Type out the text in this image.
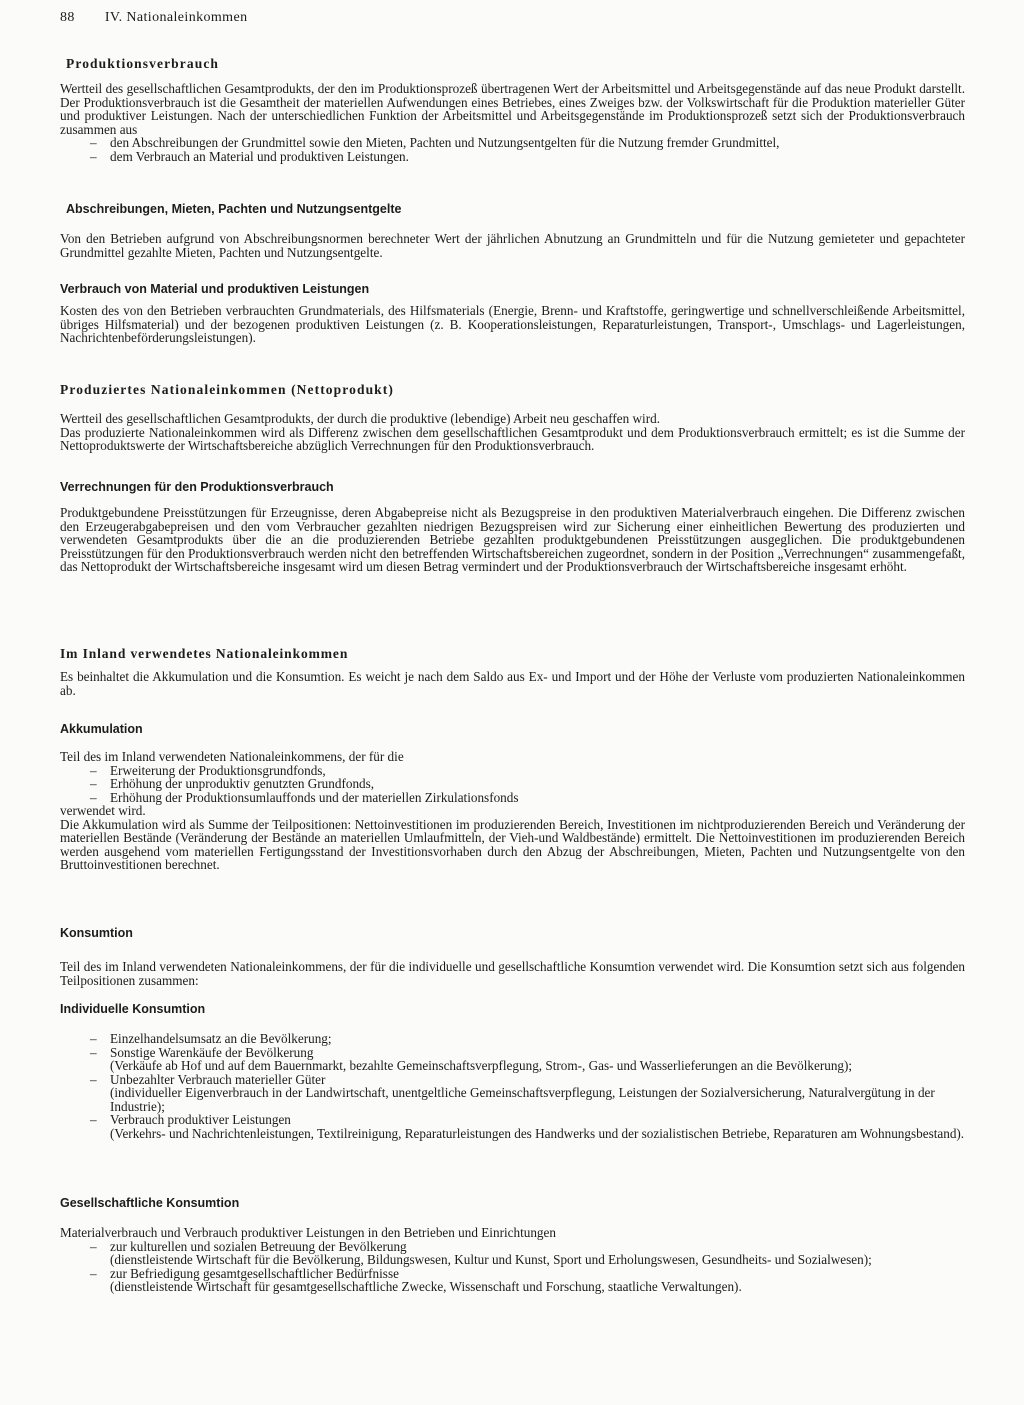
88 IV. Nationaleinkommen
Produktionsverbrauch

Wertteil des gesellschaftlichen Gesamtprodukts, der den im Produktionsprozeß übertragenen Wert der Arbeitsmittel und Arbeitsgegenstände auf das neue Produkt darstellt. Der Produktionsverbrauch ist die Gesamtheit der materiellen Aufwendungen eines Betriebes, eines Zweiges bzw. der Volkswirtschaft für die Produktion materieller Güter und produktiver Leistungen. Nach der unterschiedlichen Funktion der Arbeitsmittel und Arbeitsgegenstände im Produktionsprozeß setzt sich der Produktionsverbrauch zusammen aus

– den Abschreibungen der Grundmittel sowie den Mieten, Pachten und Nutzungsentgelten für die Nutzung fremder Grundmittel,
– dem Verbrauch an Material und produktiven Leistungen.
Abschreibungen, Mieten, Pachten und Nutzungsentgelte

Von den Betrieben aufgrund von Abschreibungsnormen berechneter Wert der jährlichen Abnutzung an Grundmitteln und für die Nutzung gemieteter und gepachteter Grundmittel gezahlte Mieten, Pachten und Nutzungsentgelte.

Verbrauch von Material und produktiven Leistungen

Kosten des von den Betrieben verbrauchten Grundmaterials, des Hilfsmaterials (Energie, Brenn- und Kraftstoffe, geringwertige und schnellverschleißende Arbeitsmittel, übriges Hilfsmaterial) und der bezogenen produktiven Leistungen (z. B. Kooperationsleistungen, Reparaturleistungen, Transport-, Umschlags- und Lagerleistungen, Nachrichtenbeförderungsleistungen).

Produziertes Nationaleinkommen (Nettoprodukt)

Wertteil des gesellschaftlichen Gesamtprodukts, der durch die produktive (lebendige) Arbeit neu geschaffen wird.

Das produzierte Nationaleinkommen wird als Differenz zwischen dem gesellschaftlichen Gesamtprodukt und dem Produktionsverbrauch ermittelt; es ist die Summe der Nettoproduktswerte der Wirtschaftsbereiche abzüglich Verrechnungen für den Produktionsverbrauch.

Verrechnungen für den Produktionsverbrauch

Produktgebundene Preisstützungen für Erzeugnisse, deren Abgabepreise nicht als Bezugspreise in den produktiven Materialverbrauch eingehen. Die Differenz zwischen den Erzeugerabgabepreisen und den vom Verbraucher gezahlten niedrigen Bezugspreisen wird zur Sicherung einer einheitlichen Bewertung des produzierten und verwendeten Gesamtprodukts über die an die produzierenden Betriebe gezahlten produktgebundenen Preisstützungen ausgeglichen. Die produktgebundenen Preisstützungen für den Produktionsverbrauch werden nicht den betreffenden Wirtschaftsbereichen zugeordnet, sondern in der Position „Verrechnungen“ zusammengefaßt, das Nettoprodukt der Wirtschaftsbereiche insgesamt wird um diesen Betrag vermindert und der Produktionsverbrauch der Wirtschaftsbereiche insgesamt erhöht.

Im Inland verwendetes Nationaleinkommen

Es beinhaltet die Akkumulation und die Konsumtion. Es weicht je nach dem Saldo aus Ex- und Import und der Höhe der Verluste vom produzierten Nationaleinkommen ab.

Akkumulation

Teil des im Inland verwendeten Nationaleinkommens, der für die

– Erweiterung der Produktionsgrundfonds,
– Erhöhung der unproduktiv genutzten Grundfonds,
– Erhöhung der Produktionsumlauffonds und der materiellen Zirkulationsfonds

verwendet wird.

Die Akkumulation wird als Summe der Teilpositionen: Nettoinvestitionen im produzierenden Bereich, Investitionen im nichtproduzierenden Bereich und Veränderung der materiellen Bestände (Veränderung der Bestände an materiellen Umlaufmitteln, der Vieh-und Waldbestände) ermittelt. Die Nettoinvestitionen im produzierenden Bereich werden ausgehend vom materiellen Fertigungsstand der Investitionsvorhaben durch den Abzug der Abschreibungen, Mieten, Pachten und Nutzungsentgelte von den Bruttoinvestitionen berechnet.

Konsumtion

Teil des im Inland verwendeten Nationaleinkommens, der für die individuelle und gesellschaftliche Konsumtion verwendet wird. Die Konsumtion setzt sich aus folgenden Teilpositionen zusammen:

Individuelle Konsumtion
– Einzelhandelsumsatz an die Bevölkerung;
– Sonstige Warenkäufe der Bevölkerung
(Verkäufe ab Hof und auf dem Bauernmarkt, bezahlte Gemeinschaftsverpflegung, Strom-, Gas- und Wasserlieferungen an die Bevölkerung);
– Unbezahlter Verbrauch materieller Güter
(individueller Eigenverbrauch in der Landwirtschaft, unentgeltliche Gemeinschaftsverpflegung, Leistungen der Sozialversicherung, Naturalvergütung in der Industrie);
– Verbrauch produktiver Leistungen
(Verkehrs- und Nachrichtenleistungen, Textilreinigung, Reparaturleistungen des Handwerks und der sozialistischen Betriebe, Reparaturen am Wohnungsbestand).
Gesellschaftliche Konsumtion

Materialverbrauch und Verbrauch produktiver Leistungen in den Betrieben und Einrichtungen

– zur kulturellen und sozialen Betreuung der Bevölkerung
(dienstleistende Wirtschaft für die Bevölkerung, Bildungswesen, Kultur und Kunst, Sport und Erholungswesen, Gesundheits- und Sozialwesen);
– zur Befriedigung gesamtgesellschaftlicher Bedürfnisse
(dienstleistende Wirtschaft für gesamtgesellschaftliche Zwecke, Wissenschaft und Forschung, staatliche Verwaltungen).
